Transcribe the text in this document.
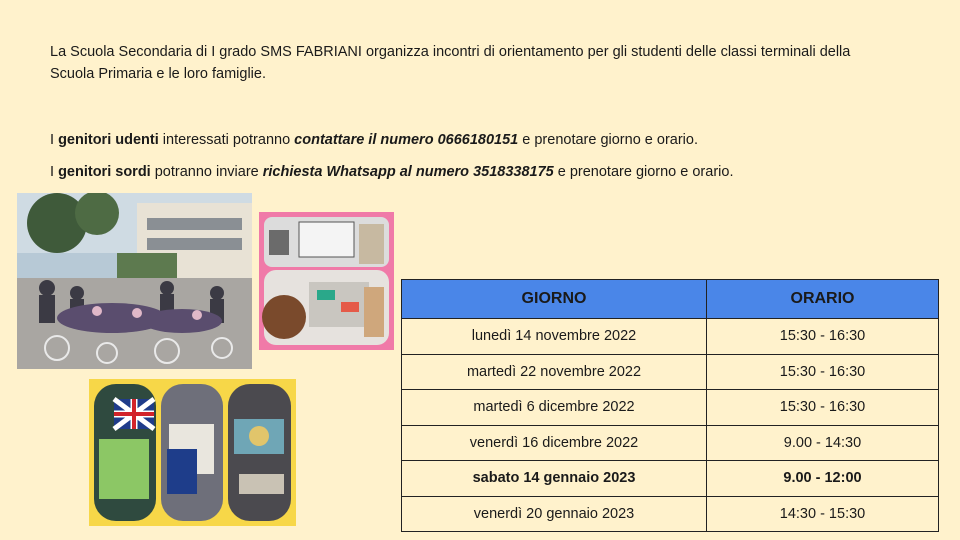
La Scuola Secondaria di I grado SMS FABRIANI organizza incontri di orientamento per gli studenti delle classi terminali della Scuola Primaria e le loro famiglie.
I genitori udenti interessati potranno contattare il numero 0666180151 e prenotare giorno e orario.
I genitori sordi potranno inviare richiesta Whatsapp al numero 3518338175 e prenotare giorno e orario.
GIORNO	ORARIO
lunedì 14 novembre 2022	15:30 - 16:30
martedì 22 novembre 2022	15:30 - 16:30
martedì 6 dicembre 2022	15:30 - 16:30
venerdì 16 dicembre 2022	9.00 - 14:30
sabato 14 gennaio 2023	9.00 - 12:00
venerdì 20 gennaio 2023	14:30 - 15:30
